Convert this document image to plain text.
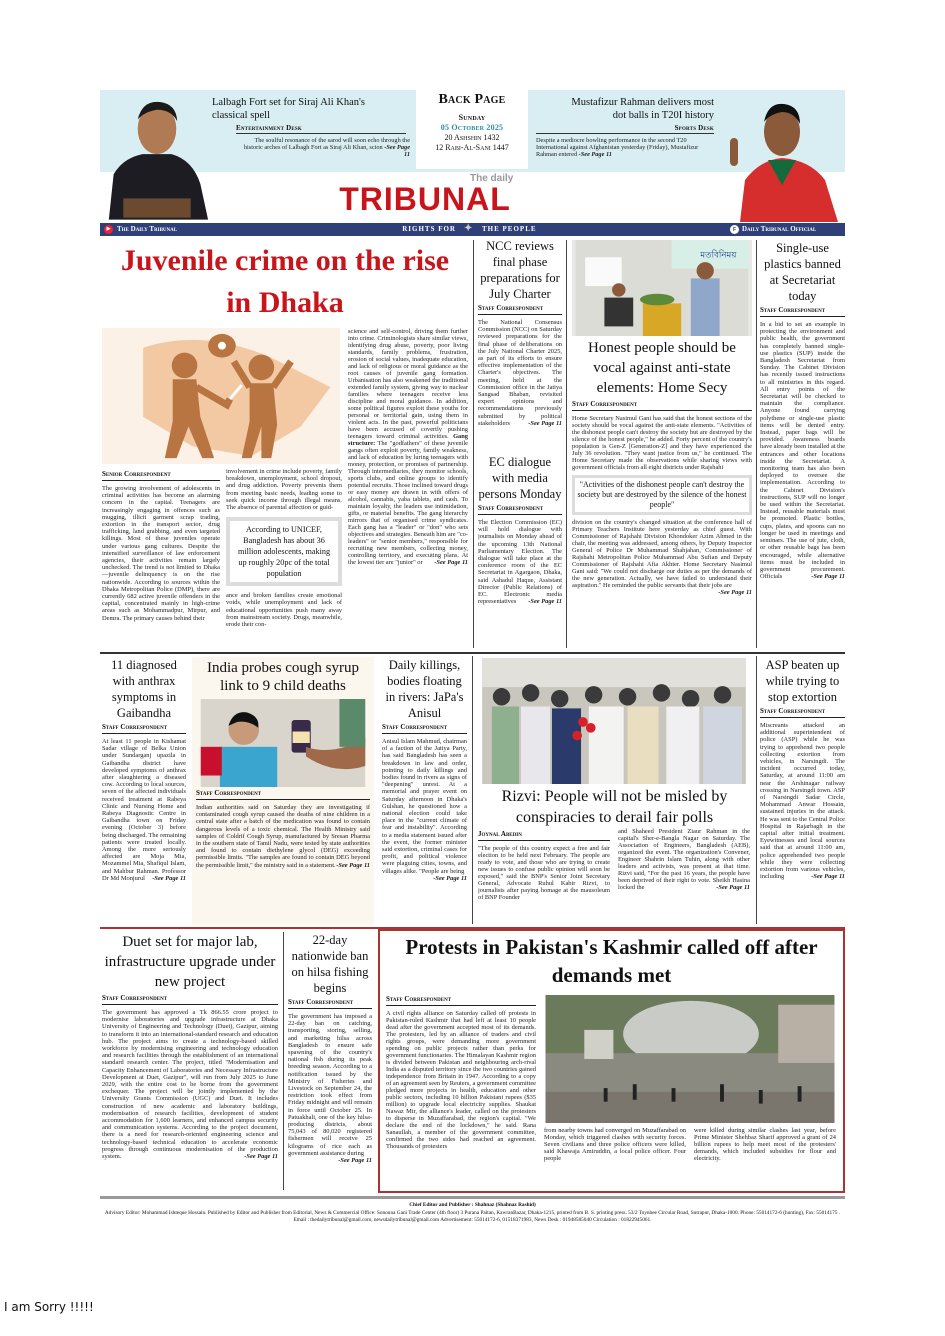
Lalbagh Fort set for Siraj Ali Khan's classical spell
Entertainment Desk
The soulful resonance of the sarod will soon echo through the historic arches of Lalbagh Fort as Siraj Ali Khan, scion -See Page 11
Back Page
Sunday
05 October 2025
20 Ashshin 1432
12 Rabi-Al-Sani 1447
Mustafizur Rahman delivers most dot balls in T20I history
Sports Desk
Despite a mediocre bowling performance in the second T20 International against Afghanistan yesterday (Friday), Mustafizur Rahman entered -See Page 11
The daily
TRIBUNAL
▶ The Daily Tribunal	RIGHTS FOR ✦ THE PEOPLE	f Daily Tribunal Official
Juvenile crime on the rise in Dhaka
Senior Correspondent
The growing involvement of adolescents in criminal activities has become an alarming concern in the capital. Teenagers are increasingly engaging in offences such as mugging, illicit garment scrap trading, extortion in the transport sector, drug trafficking, land grabbing, and even targeted killings. Most of these juveniles operate under various gang cultures. Despite the intensified surveillance of law enforcement agencies, their activities remain largely unchecked. The trend is not limited to Dhaka—juvenile delinquency is on the rise nationwide. According to sources within the Dhaka Metropolitan Police (DMP), there are currently 682 active juvenile offenders in the capital, concentrated mainly in high-crime areas such as Mohammadpur, Mirpur, and Demra. The primary causes behind their
involvement in crime include poverty, family breakdown, unemployment, school dropout, and drug addiction. Poverty prevents them from meeting basic needs, leading some to seek quick income through illegal means. The absence of parental affection or guid-
According to UNICEF, Bangladesh has about 36 million adolescents, making up roughly 20pc of the total population
ance and broken families create emotional voids, while unemployment and lack of educational opportunities push many away from mainstream society. Drugs, meanwhile, erode their con-
science and self-control, driving them further into crime. Criminologists share similar views, identifying drug abuse, poverty, poor living standards, family problems, frustration, erosion of social values, inadequate education, and lack of religious or moral guidance as the root causes of juvenile gang formation. Urbanisation has also weakened the traditional extended family system, giving way to nuclear families where teenagers receive less discipline and moral guidance. In addition, some political figures exploit these youths for personal or territorial gain, using them in violent acts. In the past, powerful politicians have been accused of covertly pushing teenagers toward criminal activities. Gang structure: The "godfathers" of these juvenile gangs often exploit poverty, family weakness, and lack of education by luring teenagers with money, protection, or promises of partnership. Through intermediaries, they monitor schools, sports clubs, and online groups to identify potential recruits. Those inclined toward drugs or easy money are drawn in with offers of alcohol, cannabis, yaba tablets, and cash. To maintain loyalty, the leaders use intimidation, gifts, or material benefits. The gang hierarchy mirrors that of organised crime syndicates. Each gang has a "leader" or "don" who sets objectives and strategies. Beneath him are "co-leaders" or "senior members," responsible for recruiting new members, collecting money, controlling territory, and executing plans. At the lowest tier are "junior" or -See Page 11
NCC reviews final phase preparations for July Charter
Staff Correspondent
The National Consensus Commission (NCC) on Saturday reviewed preparations for the final phase of deliberations on the July National Charter 2025, as part of its efforts to ensure effective implementation of the Charter's objectives. The meeting, held at the Commission office in the Jatiya Sangsad Bhaban, revisited expert opinions and recommendations previously submitted by political stakeholders	-See Page 11
EC dialogue with media persons Monday
Staff Correspondent
The Election Commission (EC) will hold dialogue with journalists on Monday ahead of the upcoming 13th National Parliamentary Election. The dialogue will take place at the conference room of the EC Secretariat in Agargaon, Dhaka, said Ashadul Haque, Assistant Director (Public Relations) of EC. Electronic media representatives -See Page 11
মতবিনিময়
Honest people should be vocal against anti-state elements: Home Secy
Staff Correspondent
Home Secretary Nasimul Gani has said that the honest sections of the society should be vocal against the anti-state elements. "Activities of the dishonest people can't destroy the society but are destroyed by the silence of the honest people," he added. Forty percent of the country's population is Gen-Z [Generation-Z] and they have experienced the July 36 revolution. "They want justice from us," he continued. The Home Secretary made the observations while sharing views with government officials from all eight districts under Rajshahi
"Activities of the dishonest people can't destroy the society but are destroyed by the silence of the honest people"
division on the country's changed situation at the conference hall of Primary Teachers Institute here yesterday as chief guest. With Commissioner of Rajshahi Division Khondoker Azim Ahmed in the chair, the meeting was addressed, among others, by Deputy Inspector General of Police Dr Muhammad Shahjahan, Commissioner of Rajshahi Metropolitan Police Muhammad Abu Sufian and Deputy Commissioner of Rajshahi Afia Akhter. Home Secretary Nasimul Gani said: "We could not discharge our duties as per the demands of the new generation. Actually, we have failed to understand their aspiration." He reminded the public servants that their jobs are
-See Page 11
Single-use plastics banned at Secretariat today
Staff Correspondent
In a bid to set an example in protecting the environment and public health, the government has completely banned single-use plastics (SUP) inside the Bangladesh Secretariat from Sunday. The Cabinet Division has recently issued instructions to all ministries in this regard. All entry points of the Secretariat will be checked to maintain the compliance. Anyone found carrying polythene or single-use plastic items will be denied entry. Instead, paper bags will be provided. Awareness boards have already been installed at the entrances and other locations inside the Secretariat. A monitoring team has also been deployed to oversee the implementation. According to the Cabinet Division's instructions, SUP will no longer be used within the Secretariat. Instead, reusable materials must be promoted. Plastic bottles, cups, plates, and spoons can no longer be used in meetings and seminars. The use of jute, cloth, or other reusable bags has been encouraged, while alternative items must be included in government procurement. Officials	-See Page 11
11 diagnosed with anthrax symptoms in Gaibandha
Staff Correspondent
At least 11 people in Kishamat Sadar village of Belka Union under Sundarganj upazila in Gaibandha district have developed symptoms of anthrax after slaughtering a diseased cow. According to local sources, seven of the affected individuals received treatment at Rabeya Clinic and Nursing Home and Rabeya Diagnostic Centre in Gaibandha town on Friday evening (October 3) before being discharged. The remaining patients were treated locally. Among the more seriously affected are Moja Mia, Mozammel Mia, Shafiqul Islam, and Mahbur Rahman. Professor Dr Md Monjurul -See Page 11
India probes cough syrup link to 9 child deaths
Staff Correspondent
Indian authorities said on Saturday they are investigating if contaminated cough syrup caused the deaths of nine children in a central state after a batch of the medication was found to contain dangerous levels of a toxic chemical. The Health Ministry said samples of Coldrif Cough Syrup, manufactured by Sresan Pharma in the southern state of Tamil Nadu, were tested by state authorities and found to contain diethylene glycol (DEG) exceeding permissible limits. "The samples are found to contain DEG beyond the permissible limit," the ministry said in a statement. -See Page 11
Daily killings, bodies floating in rivers: JaPa's Anisul
Staff Correspondent
Anisul Islam Mahmud, chairman of a faction of the Jatiya Party, has said Bangladesh has seen a breakdown in law and order, pointing to daily killings and bodies found in rivers as signs of "deepening" unrest. At a memorial and prayer event on Saturday afternoon in Dhaka's Gulshan, he questioned how a national election could take place in the "current climate of fear and instability". According to a media statement issued after the event, the former minister said extortion, criminal cases for profit, and political violence were plaguing cities, towns, and villages alike. "People are being
-See Page 11
Rizvi: People will not be misled by conspiracies to derail fair polls
Joynal Abedin
"The people of this country expect a free and fair election to be held next February. The people are ready to vote, and those who are trying to create new issues to confuse public opinion will soon be exposed," said the BNP's Senior Joint Secretary General, Advocate Ruhul Kabir Rizvi, to journalists after paying homage at the mausoleum of BNP Founder
and Shaheed President Ziaur Rahman in the capital's Sher-e-Bangla Nagar on Saturday. The Association of Engineers, Bangladesh (AEB), organized the event. The organization's Convener, Engineer Shahrin Islam Tuhin, along with other leaders and activists, was present at that time. Rizvi said, "For the past 16 years, the people have been deprived of their right to vote. Sheikh Hasina locked the	-See Page 11
ASP beaten up while trying to stop extortion
Staff Correspondent
Miscreants attacked an additional superintendent of police (ASP) while he was trying to apprehend two people collecting extortion from vehicles, in Narsingdi. The incident occurred today, Saturday, at around 11:00 am near the Arshinagar railway crossing in Narsingdi town. ASP of Narsingdi Sadar Circle, Mohammad Anwar Hossain, sustained injuries in the attack. He was sent to the Central Police Hospital in Rajarbagh in the capital after initial treatment. Eyewitnesses and local sources said that at around 11:00 am, police apprehended two people while they were collecting extortion from various vehicles, including	-See Page 11
Duet set for major lab, infrastructure upgrade under new project
Staff Correspondent
The government has approved a Tk 866.55 crore project to modernise laboratories and upgrade infrastructure at Dhaka University of Engineering and Technology (Duet), Gazipur, aiming to transform it into an international-standard research and education hub. The project aims to create a technology-based skilled workforce by modernising engineering and technology education and research facilities through the establishment of an international standard research center. The project, titled "Modernisation and Capacity Enhancement of Laboratories and Necessary Infrastructure Development at Duet, Gazipur", will run from July 2025 to June 2029, with the entire cost to be borne from the government exchequer. The project will be jointly implemented by the University Grants Commission (UGC) and Duet. It includes construction of new academic and laboratory buildings, modernisation of research facilities, development of student accommodation for 1,600 learners, and enhanced campus security and communication systems. According to the project document, there is a need for research-oriented engineering science and technology-based technical education to accelerate economic progress through continuous modernisation of the production system.	-See Page 11
22-day nationwide ban on hilsa fishing begins
Staff Correspondent
The government has imposed a 22-day ban on catching, transporting, storing, selling, and marketing hilsa across Bangladesh to ensure safe spawning of the country's national fish during its peak breeding season. According to a notification issued by the Ministry of Fisheries and Livestock on September 24, the restriction took effect from Friday midnight and will remain in force until October 25. In Patuakhali, one of the key hilsa-producing districts, about 75,043 of 80,020 registered fishermen will receive 25 kilograms of rice each as government assistance during
-See Page 11
Protests in Pakistan's Kashmir called off after demands met
Staff Correspondent
A civil rights alliance on Saturday called off protests in Pakistan-ruled Kashmir that had left at least 10 people dead after the government accepted most of its demands. The protesters, led by an alliance of traders and civil rights groups, were demanding more government spending on public projects rather than perks for government functionaries. The Himalayan Kashmir region is divided between Pakistan and neighbouring arch-rival India as a disputed territory since the two countries gained independence from Britain in 1947. According to a copy of an agreement seen by Reuters, a government committee pledged more projects in health, education and other public sectors, including 10 billion Pakistani rupees ($35 million) to upgrade local electricity supplies. Shaukat Nawaz Mir, the alliance's leader, called on the protesters to disperse in Muzaffarabad, the region's capital. "We declare the end of the lockdown," he said. Rana Sanaullah, a member of the government committee, confirmed the two sides had reached an agreement. Thousands of protesters
from nearby towns had converged on Muzaffarabad on Monday, which triggered clashes with security forces. Seven civilians and three police officers were killed, said Khawaja Amiruddin, a local police officer. Four people
were killed during similar clashes last year, before Prime Minister Shehbaz Sharif approved a grant of 24 billion rupees to help meet most of the protesters' demands, which included subsidies for flour and electricity.
Chief Editor and Publisher : Shahnaz (Shahnaz Rashid)
Advisory Editor: Mohammad Ishteque Hossain. Published by Editor and Publisher from Editorial, News & Commercial Office: Sonouna Gani Trade Center (4th floor) 3 Purana Paltan, KawranBazar, Dhaka-1215, printed from B. S. printing press. 53/2 Toynbee Circular Road, Sutrapur, Dhaka-1000. Phone: 55014172-6 (hunting), Fax: 55014175 . Email : thedailytribunal@gmail.com, newsdailytribunal@gmail.com Advertisement: 55014172-6, 01518371983, News Desk : 01948585040 Circulation : 01822945061.
I am Sorry !!!!!
